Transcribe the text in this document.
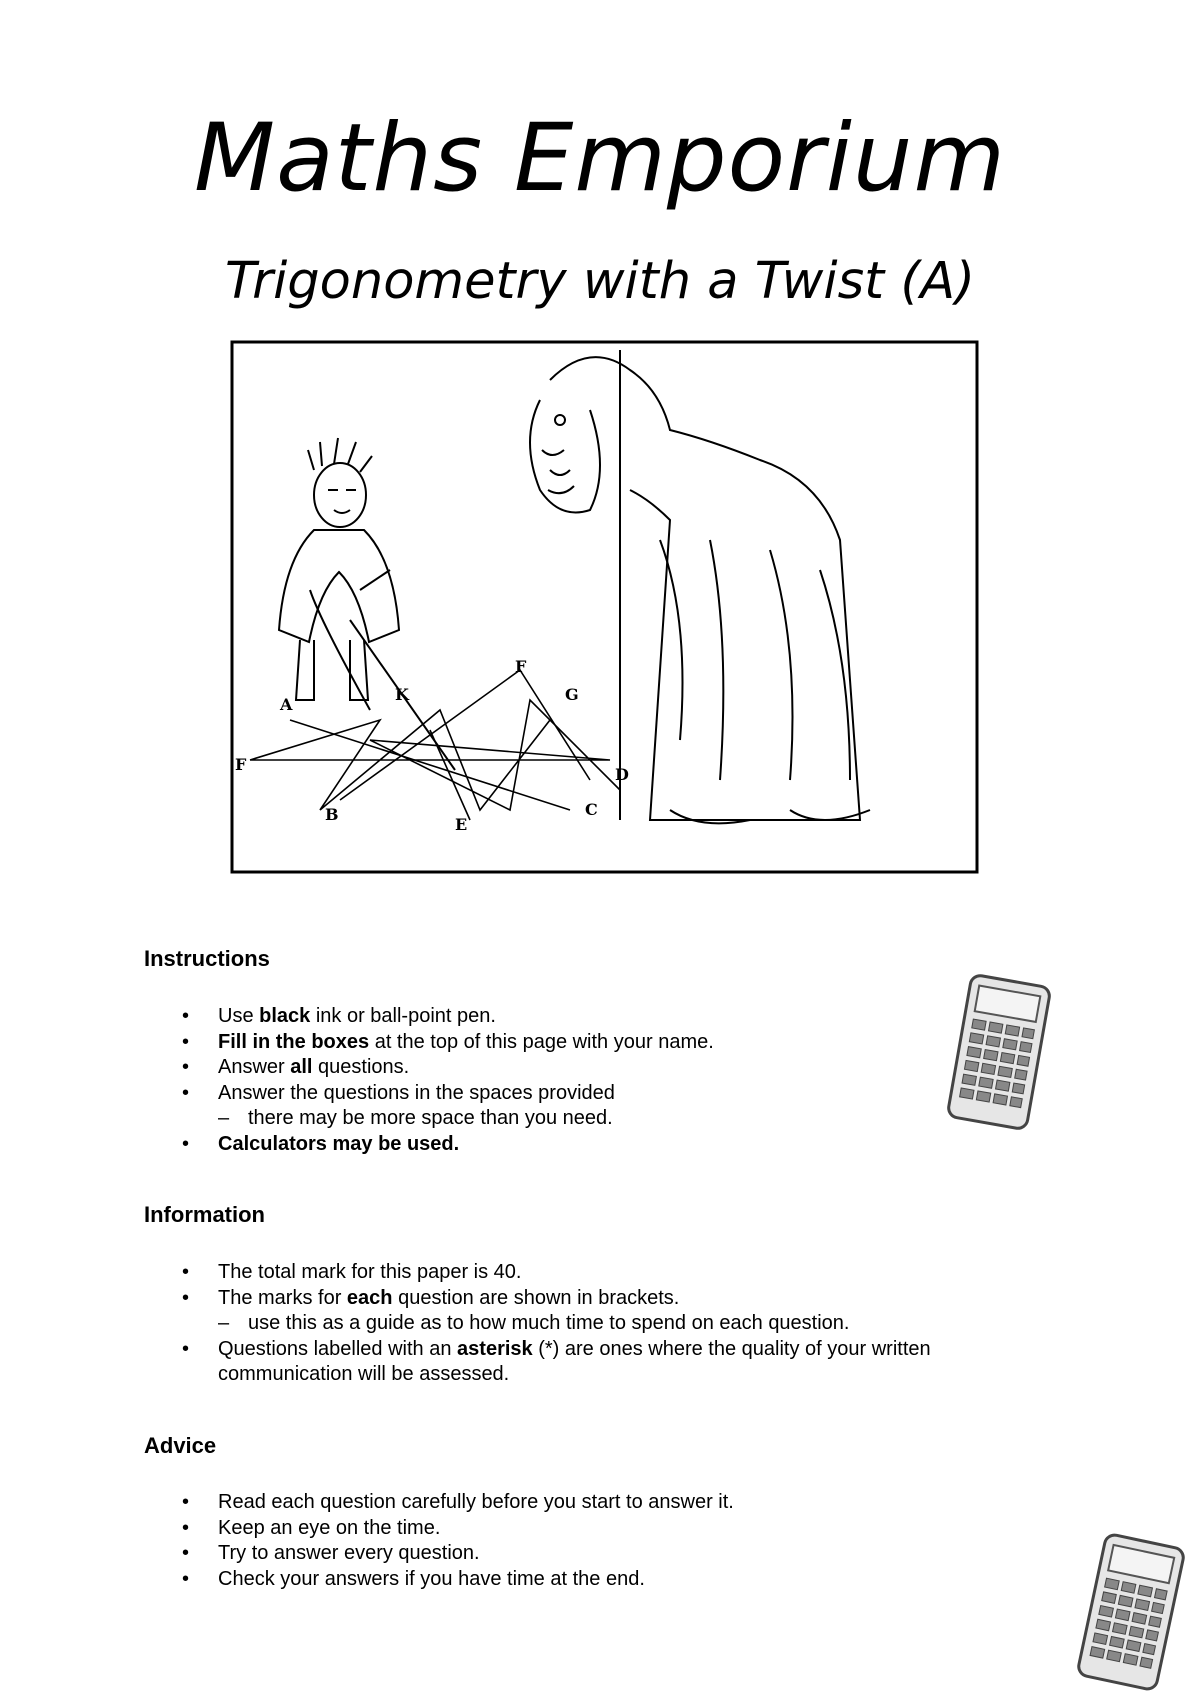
Maths Emporium
Trigonometry with a Twist (A)
A
B	C
D
E
F
G
K
F
Instructions
• Use black ink or ball-point pen.
• Fill in the boxes at the top of this page with your name.
• Answer all questions.
• Answer the questions in the spaces provided
– there may be more space than you need.
• Calculators may be used.
Information
• The total mark for this paper is 40.
• The marks for each question are shown in brackets.
– use this as a guide as to how much time to spend on each question.
• Questions labelled with an asterisk (*) are ones where the quality of your written
communication will be assessed.
Advice
• Read each question carefully before you start to answer it.
• Keep an eye on the time.
• Try to answer every question.
• Check your answers if you have time at the end.
